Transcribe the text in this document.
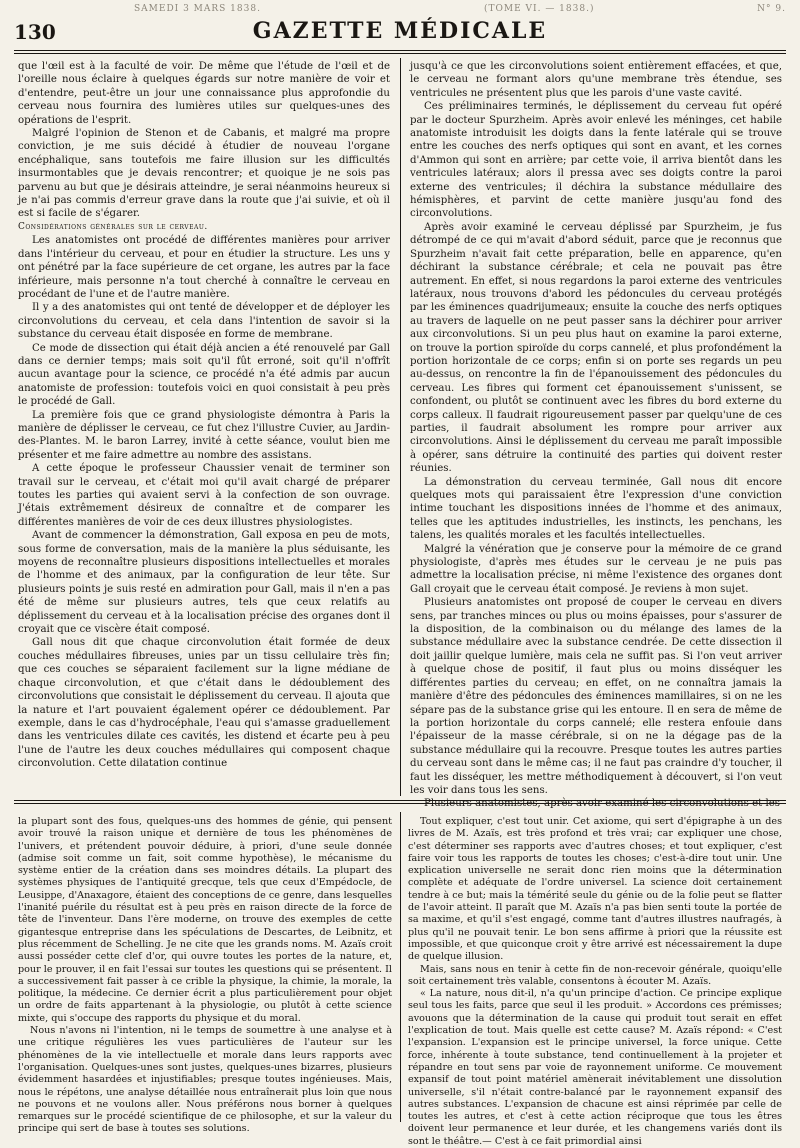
SAMEDI 3 MARS 1838.	(TOME VI. — 1838.)	N° 9.
130	GAZETTE MÉDICALE

que l'œil est à la faculté de voir. De même que l'étude de l'œil et de l'oreille nous éclaire à quelques égards sur notre manière de voir et d'entendre, peut-être un jour une connaissance plus approfondie du cerveau nous fournira des lumières utiles sur quelques-unes des opérations de l'esprit.

Malgré l'opinion de Stenon et de Cabanis, et malgré ma propre conviction, je me suis décidé à étudier de nouveau l'organe encéphalique, sans toutefois me faire illusion sur les difficultés insurmontables que je devais rencontrer; et quoique je ne sois pas parvenu au but que je désirais atteindre, je serai néanmoins heureux si je n'ai pas commis d'erreur grave dans la route que j'ai suivie, et où il est si facile de s'égarer.

Considérations générales sur le cerveau.

Les anatomistes ont procédé de différentes manières pour arriver dans l'intérieur du cerveau, et pour en étudier la structure. Les uns y ont pénétré par la face supérieure de cet organe, les autres par la face inférieure, mais personne n'a tout cherché à connaître le cerveau en procédant de l'une et de l'autre manière.

Il y a des anatomistes qui ont tenté de développer et de déployer les circonvolutions du cerveau, et cela dans l'intention de savoir si la substance du cerveau était disposée en forme de membrane.

Ce mode de dissection qui était déjà ancien a été renouvelé par Gall dans ce dernier temps; mais soit qu'il fût erroné, soit qu'il n'offrît aucun avantage pour la science, ce procédé n'a été admis par aucun anatomiste de profession: toutefois voici en quoi consistait à peu près le procédé de Gall.

La première fois que ce grand physiologiste démontra à Paris la manière de déplisser le cerveau, ce fut chez l'illustre Cuvier, au Jardin-des-Plantes. M. le baron Larrey, invité à cette séance, voulut bien me présenter et me faire admettre au nombre des assistans.

A cette époque le professeur Chaussier venait de terminer son travail sur le cerveau, et c'était moi qu'il avait chargé de préparer toutes les parties qui avaient servi à la confection de son ouvrage. J'étais extrêmement désireux de connaître et de comparer les différentes manières de voir de ces deux illustres physiologistes.

Avant de commencer la démonstration, Gall exposa en peu de mots, sous forme de conversation, mais de la manière la plus séduisante, les moyens de reconnaître plusieurs dispositions intellectuelles et morales de l'homme et des animaux, par la configuration de leur tête. Sur plusieurs points je suis resté en admiration pour Gall, mais il n'en a pas été de même sur plusieurs autres, tels que ceux relatifs au déplissement du cerveau et à la localisation précise des organes dont il croyait que ce viscère était composé.

Gall nous dit que chaque circonvolution était formée de deux couches médullaires fibreuses, unies par un tissu cellulaire très fin; que ces couches se séparaient facilement sur la ligne médiane de chaque circonvolution, et que c'était dans le dédoublement des circonvolutions que consistait le déplissement du cerveau. Il ajouta que la nature et l'art pouvaient également opérer ce dédoublement. Par exemple, dans le cas d'hydrocéphale, l'eau qui s'amasse graduellement dans les ventricules dilate ces cavités, les distend et écarte peu à peu l'une de l'autre les deux couches médullaires qui composent chaque circonvolution. Cette dilatation continue

jusqu'à ce que les circonvolutions soient entièrement effacées, et que, le cerveau ne formant alors qu'une membrane très étendue, ses ventricules ne présentent plus que les parois d'une vaste cavité.

Ces préliminaires terminés, le déplissement du cerveau fut opéré par le docteur Spurzheim. Après avoir enlevé les méninges, cet habile anatomiste introduisit les doigts dans la fente latérale qui se trouve entre les couches des nerfs optiques qui sont en avant, et les cornes d'Ammon qui sont en arrière; par cette voie, il arriva bientôt dans les ventricules latéraux; alors il pressa avec ses doigts contre la paroi externe des ventricules; il déchira la substance médullaire des hémisphères, et parvint de cette manière jusqu'au fond des circonvolutions.

Après avoir examiné le cerveau déplissé par Spurzheim, je fus détrompé de ce qui m'avait d'abord séduit, parce que je reconnus que Spurzheim n'avait fait cette préparation, belle en apparence, qu'en déchirant la substance cérébrale; et cela ne pouvait pas être autrement. En effet, si nous regardons la paroi externe des ventricules latéraux, nous trouvons d'abord les pédoncules du cerveau protégés par les éminences quadrijumeaux; ensuite la couche des nerfs optiques au travers de laquelle on ne peut passer sans la déchirer pour arriver aux circonvolutions. Si un peu plus haut on examine la paroi externe, on trouve la portion spiroïde du corps cannelé, et plus profondément la portion horizontale de ce corps; enfin si on porte ses regards un peu au-dessus, on rencontre la fin de l'épanouissement des pédoncules du cerveau. Les fibres qui forment cet épanouissement s'unissent, se confondent, ou plutôt se continuent avec les fibres du bord externe du corps calleux. Il faudrait rigoureusement passer par quelqu'une de ces parties, il faudrait absolument les rompre pour arriver aux circonvolutions. Ainsi le déplissement du cerveau me paraît impossible à opérer, sans détruire la continuité des parties qui doivent rester réunies.

La démonstration du cerveau terminée, Gall nous dit encore quelques mots qui paraissaient être l'expression d'une conviction intime touchant les dispositions innées de l'homme et des animaux, telles que les aptitudes industrielles, les instincts, les penchans, les talens, les qualités morales et les facultés intellectuelles.

Malgré la vénération que je conserve pour la mémoire de ce grand physiologiste, d'après mes études sur le cerveau je ne puis pas admettre la localisation précise, ni même l'existence des organes dont Gall croyait que le cerveau était composé. Je reviens à mon sujet.

Plusieurs anatomistes ont proposé de couper le cerveau en divers sens, par tranches minces ou plus ou moins épaisses, pour s'assurer de la disposition, de la combinaison ou du mélange des lames de la substance médullaire avec la substance cendrée. De cette dissection il doit jaillir quelque lumière, mais cela ne suffit pas. Si l'on veut arriver à quelque chose de positif, il faut plus ou moins disséquer les différentes parties du cerveau; en effet, on ne connaîtra jamais la manière d'être des pédoncules des éminences mamillaires, si on ne les sépare pas de la substance grise qui les entoure. Il en sera de même de la portion horizontale du corps cannelé; elle restera enfouie dans l'épaisseur de la masse cérébrale, si on ne la dégage pas de la substance médullaire qui la recouvre. Presque toutes les autres parties du cerveau sont dans le même cas; il ne faut pas craindre d'y toucher, il faut les disséquer, les mettre méthodiquement à découvert, si l'on veut les voir dans tous les sens.

Plusieurs anatomistes, après avoir examiné les circonvolutions et les

la plupart sont des fous, quelques-uns des hommes de génie, qui pensent avoir trouvé la raison unique et dernière de tous les phénomènes de l'univers, et prétendent pouvoir déduire, à priori, d'une seule donnée (admise soit comme un fait, soit comme hypothèse), le mécanisme du système entier de la création dans ses moindres détails. La plupart des systèmes physiques de l'antiquité grecque, tels que ceux d'Empédocle, de Leusippe, d'Anaxagore, étaient des conceptions de ce genre, dans lesquelles l'inanité puérile du résultat est à peu près en raison directe de la force de tête de l'inventeur. Dans l'ère moderne, on trouve des exemples de cette gigantesque entreprise dans les spéculations de Descartes, de Leibnitz, et plus récemment de Schelling. Je ne cite que les grands noms. M. Azaïs croit aussi posséder cette clef d'or, qui ouvre toutes les portes de la nature, et, pour le prouver, il en fait l'essai sur toutes les questions qui se présentent. Il a successivement fait passer à ce crible la physique, la chimie, la morale, la politique, la médecine. Ce dernier écrit a plus particulièrement pour objet un ordre de faits appartenant à la physiologie, ou plutôt à cette science mixte, qui s'occupe des rapports du physique et du moral.

Nous n'avons ni l'intention, ni le temps de soumettre à une analyse et à une critique régulières les vues particulières de l'auteur sur les phénomènes de la vie intellectuelle et morale dans leurs rapports avec l'organisation. Quelques-unes sont justes, quelques-unes bizarres, plusieurs évidemment hasardées et injustifiables; presque toutes ingénieuses. Mais, nous le répétons, une analyse détaillée nous entraînerait plus loin que nous ne pouvons et ne voulons aller. Nous préférons nous borner à quelques remarques sur le procédé scientifique de ce philosophe, et sur la valeur du principe qui sert de base à toutes ses solutions.

Tout expliquer, c'est tout unir. Cet axiome, qui sert d'épigraphe à un des livres de M. Azaïs, est très profond et très vrai; car expliquer une chose, c'est déterminer ses rapports avec d'autres choses; et tout expliquer, c'est faire voir tous les rapports de toutes les choses; c'est-à-dire tout unir. Une explication universelle ne serait donc rien moins que la détermination complète et adéquate de l'ordre universel. La science doit certainement tendre à ce but; mais la témérité seule du génie ou de la folie peut se flatter de l'avoir atteint. Il paraît que M. Azaïs n'a pas bien senti toute la portée de sa maxime, et qu'il s'est engagé, comme tant d'autres illustres naufragés, à plus qu'il ne pouvait tenir. Le bon sens affirme à priori que la réussite est impossible, et que quiconque croit y être arrivé est nécessairement la dupe de quelque illusion.

Mais, sans nous en tenir à cette fin de non-recevoir générale, quoiqu'elle soit certainement très valable, consentons à écouter M. Azaïs.

« La nature, nous dit-il, n'a qu'un principe d'action. Ce principe explique seul tous les faits, parce que seul il les produit. » Accordons ces prémisses; avouons que la détermination de la cause qui produit tout serait en effet l'explication de tout. Mais quelle est cette cause? M. Azaïs répond: « C'est l'expansion. L'expansion est le principe universel, la force unique. Cette force, inhérente à toute substance, tend continuellement à la projeter et répandre en tout sens par voie de rayonnement uniforme. Ce mouvement expansif de tout point matériel amènerait inévitablement une dissolution universelle, s'il n'était contre-balancé par le rayonnement expansif des autres substances. L'expansion de chacune est ainsi réprimée par celle de toutes les autres, et c'est à cette action réciproque que tous les êtres doivent leur permanence et leur durée, et les changemens variés dont ils sont le théâtre.— C'est à ce fait primordial ainsi
